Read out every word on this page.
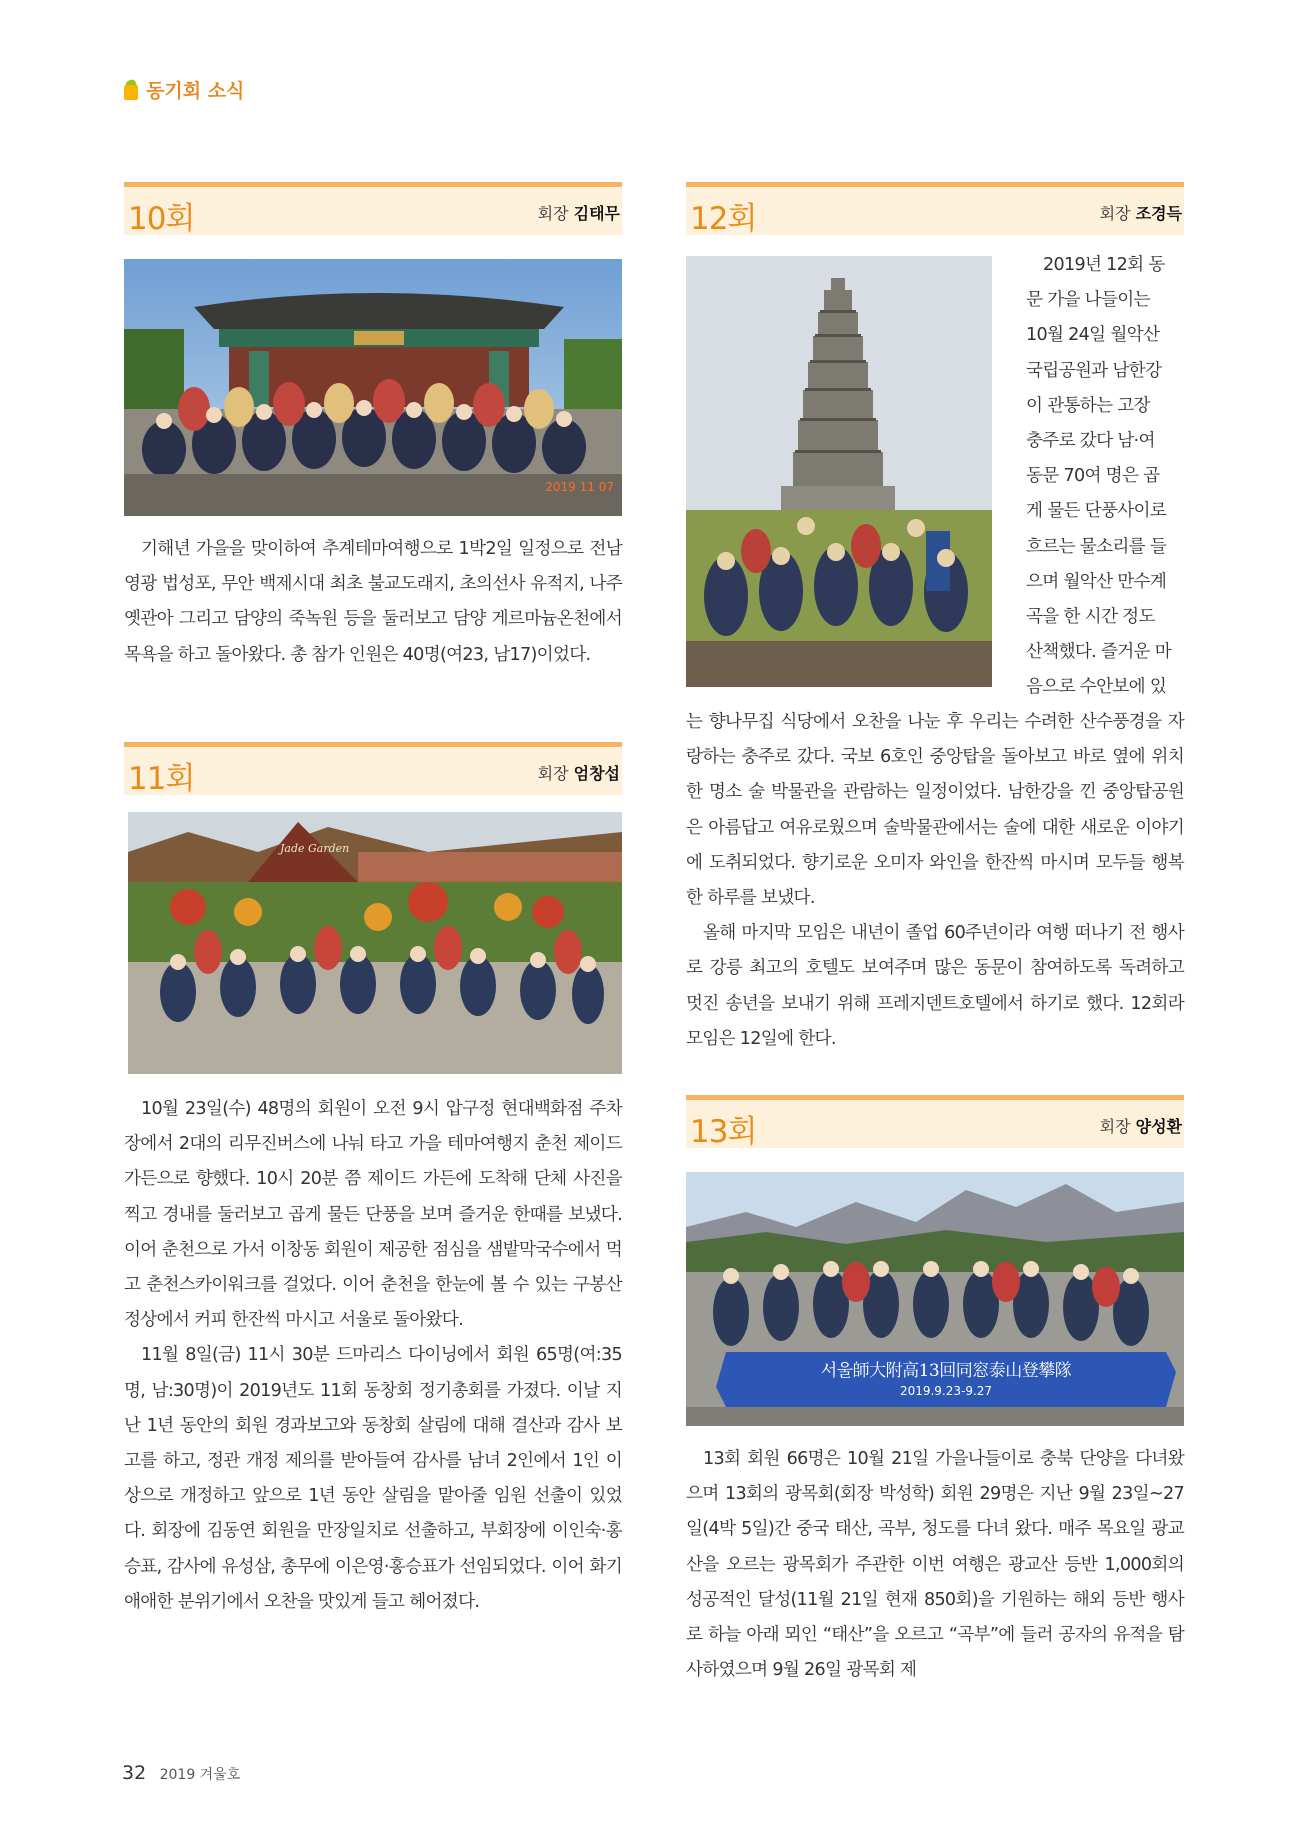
동기회 소식
10회	회장 김태무
2019 11 07

기해년 가을을 맞이하여 추계테마여행으로 1박2일 일정으로 전남 영광 법성포, 무안 백제시대 최초 불교도래지, 초의선사 유적지, 나주 옛관아 그리고 담양의 죽녹원 등을 둘러보고 담양 게르마늄온천에서 목욕을 하고 돌아왔다. 총 참가 인원은 40명(여23, 남17)이었다.

11회	회장 엄창섭
Jade Garden

10월 23일(수) 48명의 회원이 오전 9시 압구정 현대백화점 주차장에서 2대의 리무진버스에 나눠 타고 가을 테마여행지 춘천 제이드 가든으로 향했다. 10시 20분 쯤 제이드 가든에 도착해 단체 사진을 찍고 경내를 둘러보고 곱게 물든 단풍을 보며 즐거운 한때를 보냈다. 이어 춘천으로 가서 이창동 회원이 제공한 점심을 샘밭막국수에서 먹고 춘천스카이워크를 걸었다. 이어 춘천을 한눈에 볼 수 있는 구봉산 정상에서 커피 한잔씩 마시고 서울로 돌아왔다.

11월 8일(금) 11시 30분 드마리스 다이닝에서 회원 65명(여:35명, 남:30명)이 2019년도 11회 동창회 정기총회를 가졌다. 이날 지난 1년 동안의 회원 경과보고와 동창회 살림에 대해 결산과 감사 보고를 하고, 정관 개정 제의를 받아들여 감사를 남녀 2인에서 1인 이상으로 개정하고 앞으로 1년 동안 살림을 맡아줄 임원 선출이 있었다. 회장에 김동연 회원을 만장일치로 선출하고, 부회장에 이인숙·홍승표, 감사에 유성삼, 총무에 이은영·홍승표가 선임되었다. 이어 화기애애한 분위기에서 오찬을 맛있게 들고 헤어졌다.

12회	회장 조경득
2019년 12회 동
문 가을 나들이는
10월 24일 월악산
국립공원과 남한강
이 관통하는 고장
충주로 갔다 남·여
동문 70여 명은 곱
게 물든 단풍사이로
흐르는 물소리를 들
으며 월악산 만수계
곡을 한 시간 정도
산책했다. 즐거운 마
음으로 수안보에 있
는 향나무집 식당에서 오찬을 나눈 후 우리는 수려한 산수풍경을 자랑하는 충주로 갔다. 국보 6호인 중앙탑을 돌아보고 바로 옆에 위치한 명소 술 박물관을 관람하는 일정이었다. 남한강을 낀 중앙탑공원은 아름답고 여유로웠으며 술박물관에서는 술에 대한 새로운 이야기에 도취되었다. 향기로운 오미자 와인을 한잔씩 마시며 모두들 행복한 하루를 보냈다.

올해 마지막 모임은 내년이 졸업 60주년이라 여행 떠나기 전 행사로 강릉 최고의 호텔도 보여주며 많은 동문이 참여하도록 독려하고 멋진 송년을 보내기 위해 프레지덴트호텔에서 하기로 했다. 12회라 모임은 12일에 한다.

13회	회장 양성환
서울師大附高13回同窓泰山登攀隊
2019.9.23-9.27

13회 회원 66명은 10월 21일 가을나들이로 충북 단양을 다녀왔으며 13회의 광목회(회장 박성학) 회원 29명은 지난 9월 23일~27일(4박 5일)간 중국 태산, 곡부, 청도를 다녀 왔다. 매주 목요일 광교산을 오르는 광목회가 주관한 이번 여행은 광교산 등반 1,000회의 성공적인 달성(11월 21일 현재 850회)을 기원하는 해외 등반 행사로 하늘 아래 뫼인 “태산”을 오르고 “곡부”에 들러 공자의 유적을 탐사하였으며 9월 26일 광목회 제

32 2019 겨울호
